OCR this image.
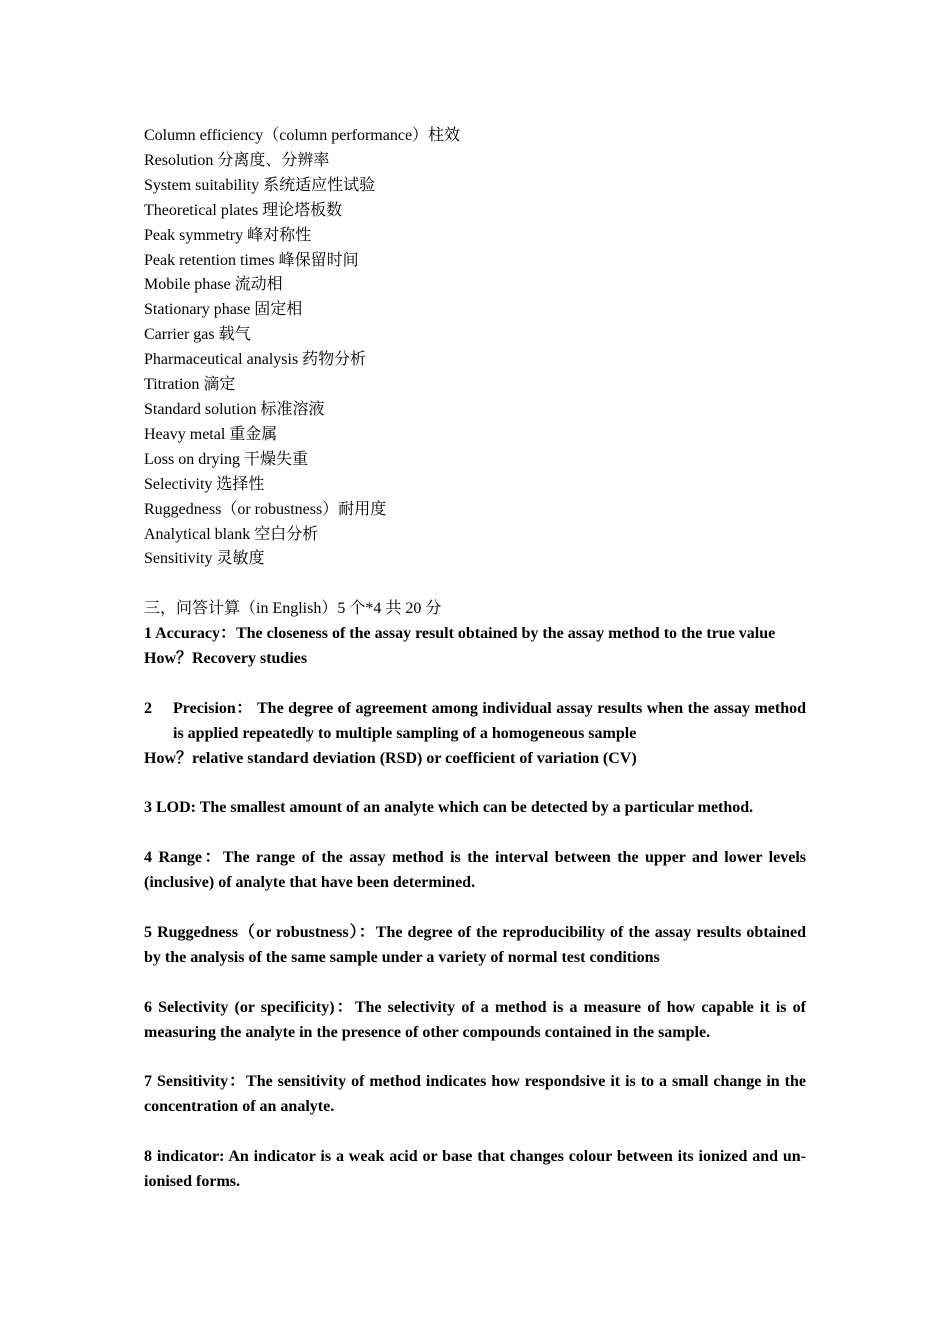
Column efficiency（column performance）柱效

Resolution 分离度、分辨率

System suitability 系统适应性试验

Theoretical plates 理论塔板数

Peak symmetry 峰对称性

Peak retention times 峰保留时间

Mobile phase 流动相

Stationary phase 固定相

Carrier gas 载气

Pharmaceutical analysis 药物分析

Titration 滴定

Standard solution 标准溶液

Heavy metal 重金属

Loss on drying 干燥失重

Selectivity 选择性

Ruggedness（or robustness）耐用度

Analytical blank 空白分析

Sensitivity 灵敏度

三，问答计算（in English）5 个*4 共 20 分

1 Accuracy：The closeness of the assay result obtained by the assay method to the true value

How？Recovery studies

2	Precision： The degree of agreement among individual assay results when the assay method is applied repeatedly to multiple sampling of a homogeneous sample

How？relative standard deviation (RSD) or coefficient of variation (CV)

3 LOD: The smallest amount of an analyte which can be detected by a particular method.

4 Range：The range of the assay method is the interval between the upper and lower levels (inclusive) of analyte that have been determined.

5 Ruggedness（or robustness）：The degree of the reproducibility of the assay results obtained by the analysis of the same sample under a variety of normal test conditions

6 Selectivity (or specificity)：The selectivity of a method is a measure of how capable it is of measuring the analyte in the presence of other compounds contained in the sample.

7 Sensitivity：The sensitivity of method indicates how respondsive it is to a small change in the concentration of an analyte.

8 indicator: An indicator is a weak acid or base that changes colour between its ionized and un-ionised forms.
